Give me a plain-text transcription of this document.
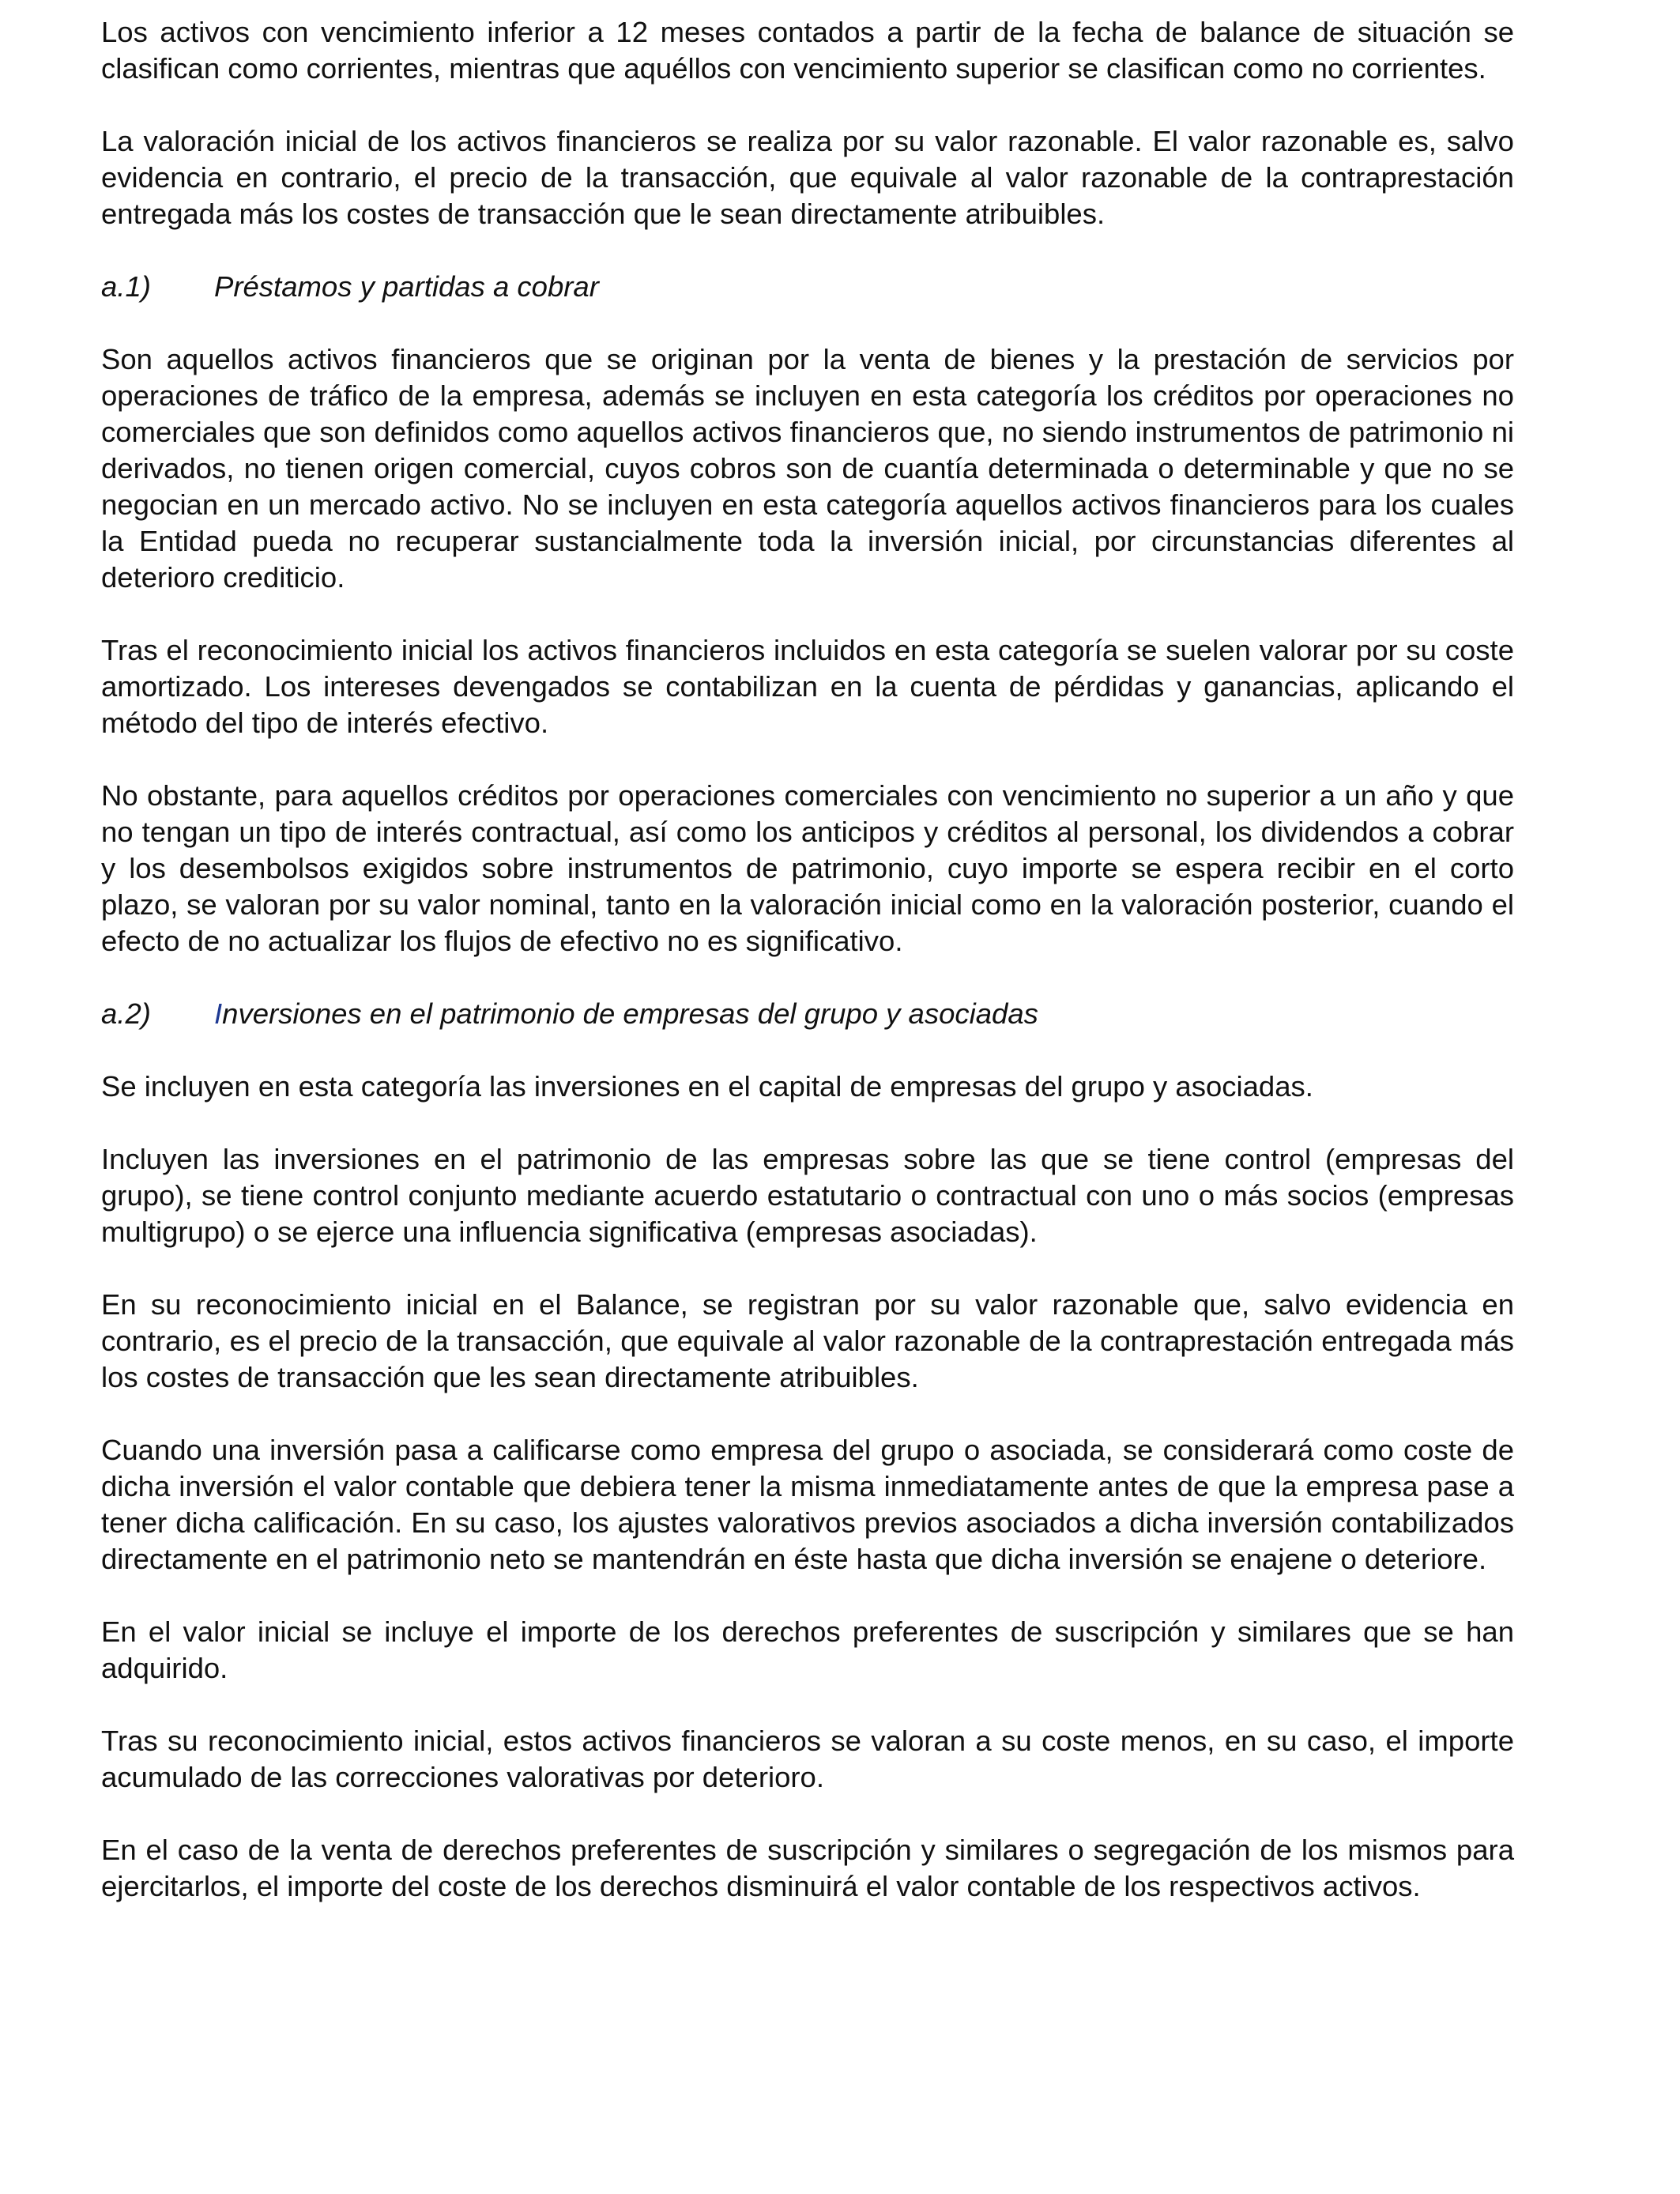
Los activos con vencimiento inferior a 12 meses contados a partir de la fecha de balance de situación se clasifican como corrientes, mientras que aquéllos con vencimiento superior se clasifican como no corrientes.

La valoración inicial de los activos financieros se realiza por su valor razonable. El valor razonable es, salvo evidencia en contrario, el precio de la transacción, que equivale al valor razonable de la contraprestación entregada más los costes de transacción que le sean directamente atribuibles.

a.1)	Préstamos y partidas a cobrar

Son aquellos activos financieros que se originan por la venta de bienes y la prestación de servicios por operaciones de tráfico de la empresa, además se incluyen en esta categoría los créditos por operaciones no comerciales que son definidos como aquellos activos financieros que, no siendo instrumentos de patrimonio ni derivados, no tienen origen comercial, cuyos cobros son de cuantía determinada o determinable y que no se negocian en un mercado activo. No se incluyen en esta categoría aquellos activos financieros para los cuales la Entidad pueda no recuperar sustancialmente toda la inversión inicial, por circunstancias diferentes al deterioro crediticio.

Tras el reconocimiento inicial los activos financieros incluidos en esta categoría se suelen valorar por su coste amortizado. Los intereses devengados se contabilizan en la cuenta de pérdidas y ganancias, aplicando el método del tipo de interés efectivo.

No obstante, para aquellos créditos por operaciones comerciales con vencimiento no superior a un año y que no tengan un tipo de interés contractual, así como los anticipos y créditos al personal, los dividendos a cobrar y los desembolsos exigidos sobre instrumentos de patrimonio, cuyo importe se espera recibir en el corto plazo, se valoran por su valor nominal, tanto en la valoración inicial como en la valoración posterior, cuando el efecto de no actualizar los flujos de efectivo no es significativo.

a.2)	Inversiones en el patrimonio de empresas del grupo y asociadas

Se incluyen en esta categoría las inversiones en el capital de empresas del grupo y asociadas.

Incluyen las inversiones en el patrimonio de las empresas sobre las que se tiene control (empresas del grupo), se tiene control conjunto mediante acuerdo estatutario o contractual con uno o más socios (empresas multigrupo) o se ejerce una influencia significativa (empresas asociadas).

En su reconocimiento inicial en el Balance, se registran por su valor razonable que, salvo evidencia en contrario, es el precio de la transacción, que equivale al valor razonable de la contraprestación entregada más los costes de transacción que les sean directamente atribuibles.

Cuando una inversión pasa a calificarse como empresa del grupo o asociada, se considerará como coste de dicha inversión el valor contable que debiera tener la misma inmediatamente antes de que la empresa pase a tener dicha calificación. En su caso, los ajustes valorativos previos asociados a dicha inversión contabilizados directamente en el patrimonio neto se mantendrán en éste hasta que dicha inversión se enajene o deteriore.

En el valor inicial se incluye el importe de los derechos preferentes de suscripción y similares que se han adquirido.

Tras su reconocimiento inicial, estos activos financieros se valoran a su coste menos, en su caso, el importe acumulado de las correcciones valorativas por deterioro.

En el caso de la venta de derechos preferentes de suscripción y similares o segregación de los mismos para ejercitarlos, el importe del coste de los derechos disminuirá el valor contable de los respectivos activos.
